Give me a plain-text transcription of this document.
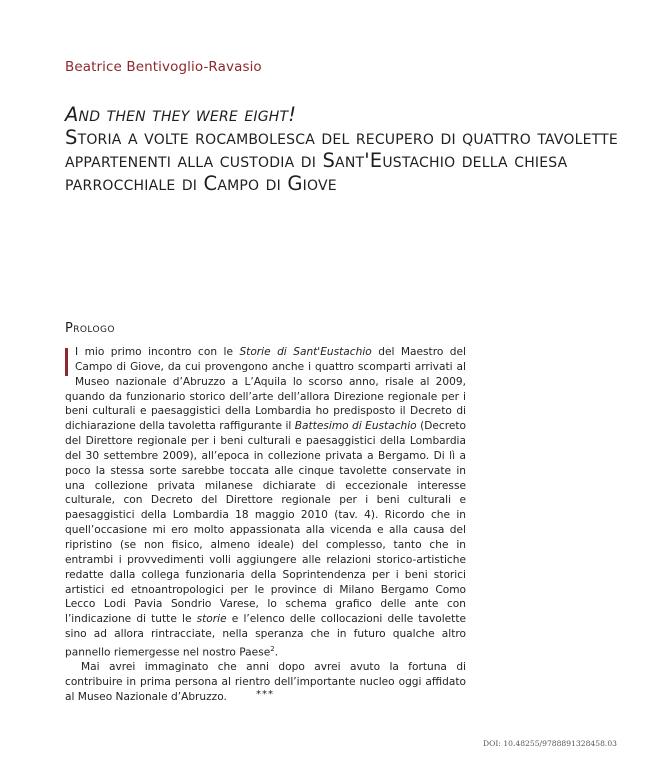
Beatrice Bentivoglio-Ravasio
And then they were eight!
Storia a volte rocambolesca del recupero di quattro tavolette appartenenti alla custodia di Sant'Eustachio della chiesa parrocchiale di Campo di Giove
Prologo

I mio primo incontro con le Storie di Sant'Eustachio del Maestro del Campo di Giove, da cui provengono anche i quattro scomparti arrivati al Museo nazionale d’Abruzzo a L’Aquila lo scorso anno, risale al 2009, quando da funzionario storico dell’arte dell’allora Direzione regionale per i beni culturali e paesaggistici della Lombardia ho predisposto il Decreto di dichiarazione della tavoletta raffigurante il Battesimo di Eustachio (Decreto del Direttore regionale per i beni culturali e paesaggistici della Lombardia del 30 settembre 2009), all’epoca in collezione privata a Bergamo. Di lì a poco la stessa sorte sarebbe toccata alle cinque tavolette conservate in una collezione privata milanese dichiarate di eccezionale interesse culturale, con Decreto del Direttore regionale per i beni culturali e paesaggistici della Lombardia 18 maggio 2010 (tav. 4). Ricordo che in quell’occasione mi ero molto appassionata alla vicenda e alla causa del ripristino (se non fisico, almeno ideale) del complesso, tanto che in entrambi i provvedimenti volli aggiungere alle relazioni storico-artistiche redatte dalla collega funzionaria della Soprintendenza per i beni storici artistici ed etnoantropologici per le province di Milano Bergamo Como Lecco Lodi Pavia Sondrio Varese, lo schema grafico delle ante con l’indicazione di tutte le storie e l’elenco delle collocazioni delle tavolette sino ad allora rintracciate, nella speranza che in futuro qualche altro pannello riemergesse nel nostro Paese$^2$.

Mai avrei immaginato che anni dopo avrei avuto la fortuna di contribuire in prima persona al rientro dell’importante nucleo oggi affidato al Museo Nazionale d’Abruzzo.	***
DOI: 10.48255/9788891328458.03
